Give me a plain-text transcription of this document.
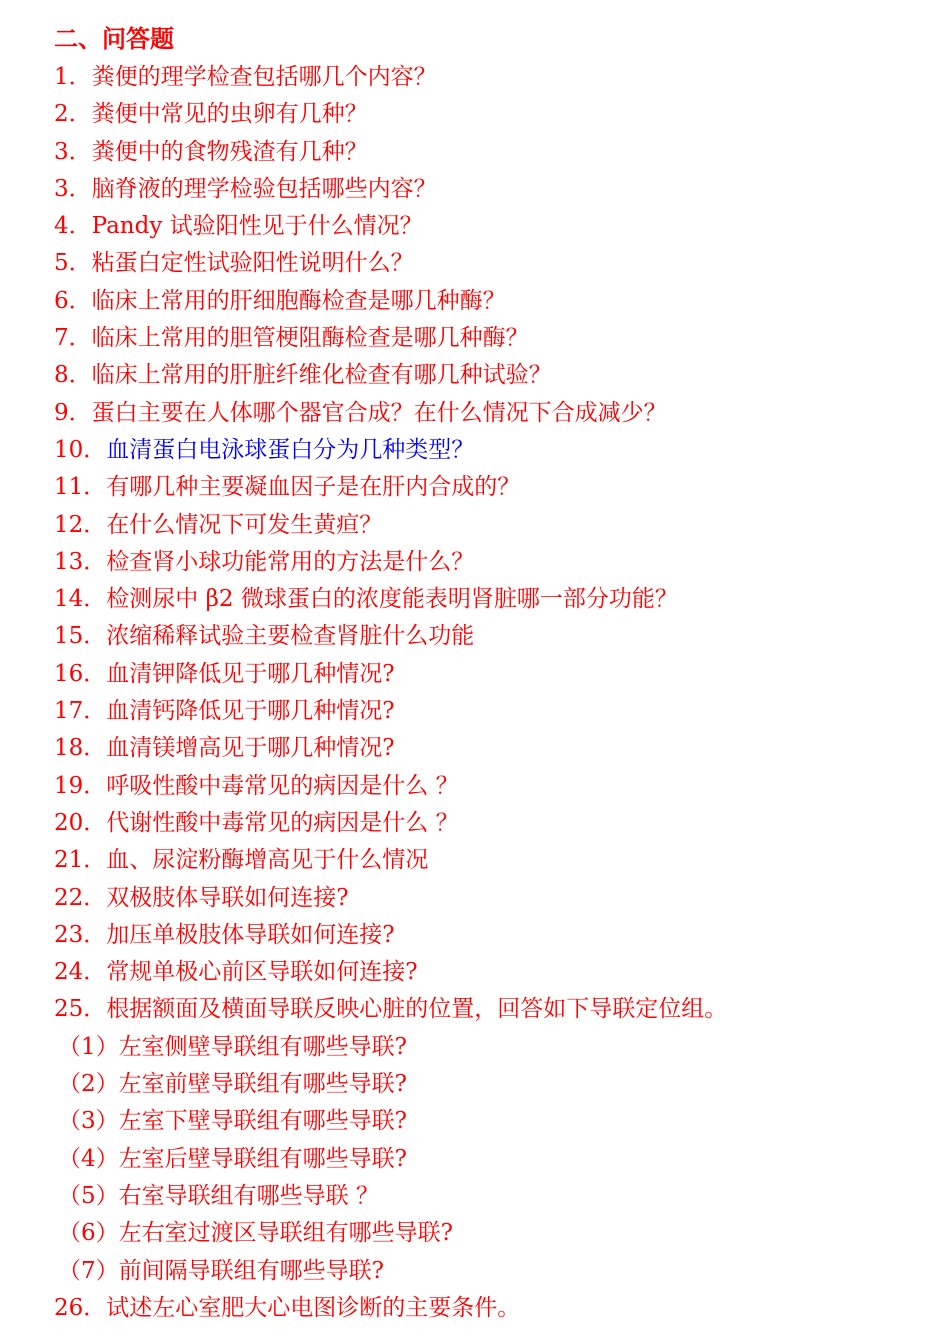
二、问答题
1．粪便的理学检查包括哪几个内容？
2．粪便中常见的虫卵有几种？
3．粪便中的食物残渣有几种？
3．脑脊液的理学检验包括哪些内容？
4．Pandy 试验阳性见于什么情况？
5．粘蛋白定性试验阳性说明什么？
6．临床上常用的肝细胞酶检查是哪几种酶？
7．临床上常用的胆管梗阻酶检查是哪几种酶？
8．临床上常用的肝脏纤维化检查有哪几种试验？
9．蛋白主要在人体哪个器官合成？在什么情况下合成减少？
10．血清蛋白电泳球蛋白分为几种类型？
11．有哪几种主要凝血因子是在肝内合成的？
12．在什么情况下可发生黄疸？
13．检查肾小球功能常用的方法是什么？
14．检测尿中 β2 微球蛋白的浓度能表明肾脏哪一部分功能？
15．浓缩稀释试验主要检查肾脏什么功能
16．血清钾降低见于哪几种情况?
17．血清钙降低见于哪几种情况?
18．血清镁增高见于哪几种情况?
19．呼吸性酸中毒常见的病因是什么 ？
20．代谢性酸中毒常见的病因是什么 ？
21．血、尿淀粉酶增高见于什么情况
22．双极肢体导联如何连接?
23．加压单极肢体导联如何连接?
24．常规单极心前区导联如何连接?
25．根据额面及横面导联反映心脏的位置，回答如下导联定位组。
（1）左室侧壁导联组有哪些导联?
（2）左室前壁导联组有哪些导联?
（3）左室下壁导联组有哪些导联?
（4）左室后壁导联组有哪些导联?
（5）右室导联组有哪些导联 ？
（6）左右室过渡区导联组有哪些导联?
（7）前间隔导联组有哪些导联?
26．试述左心室肥大心电图诊断的主要条件。
